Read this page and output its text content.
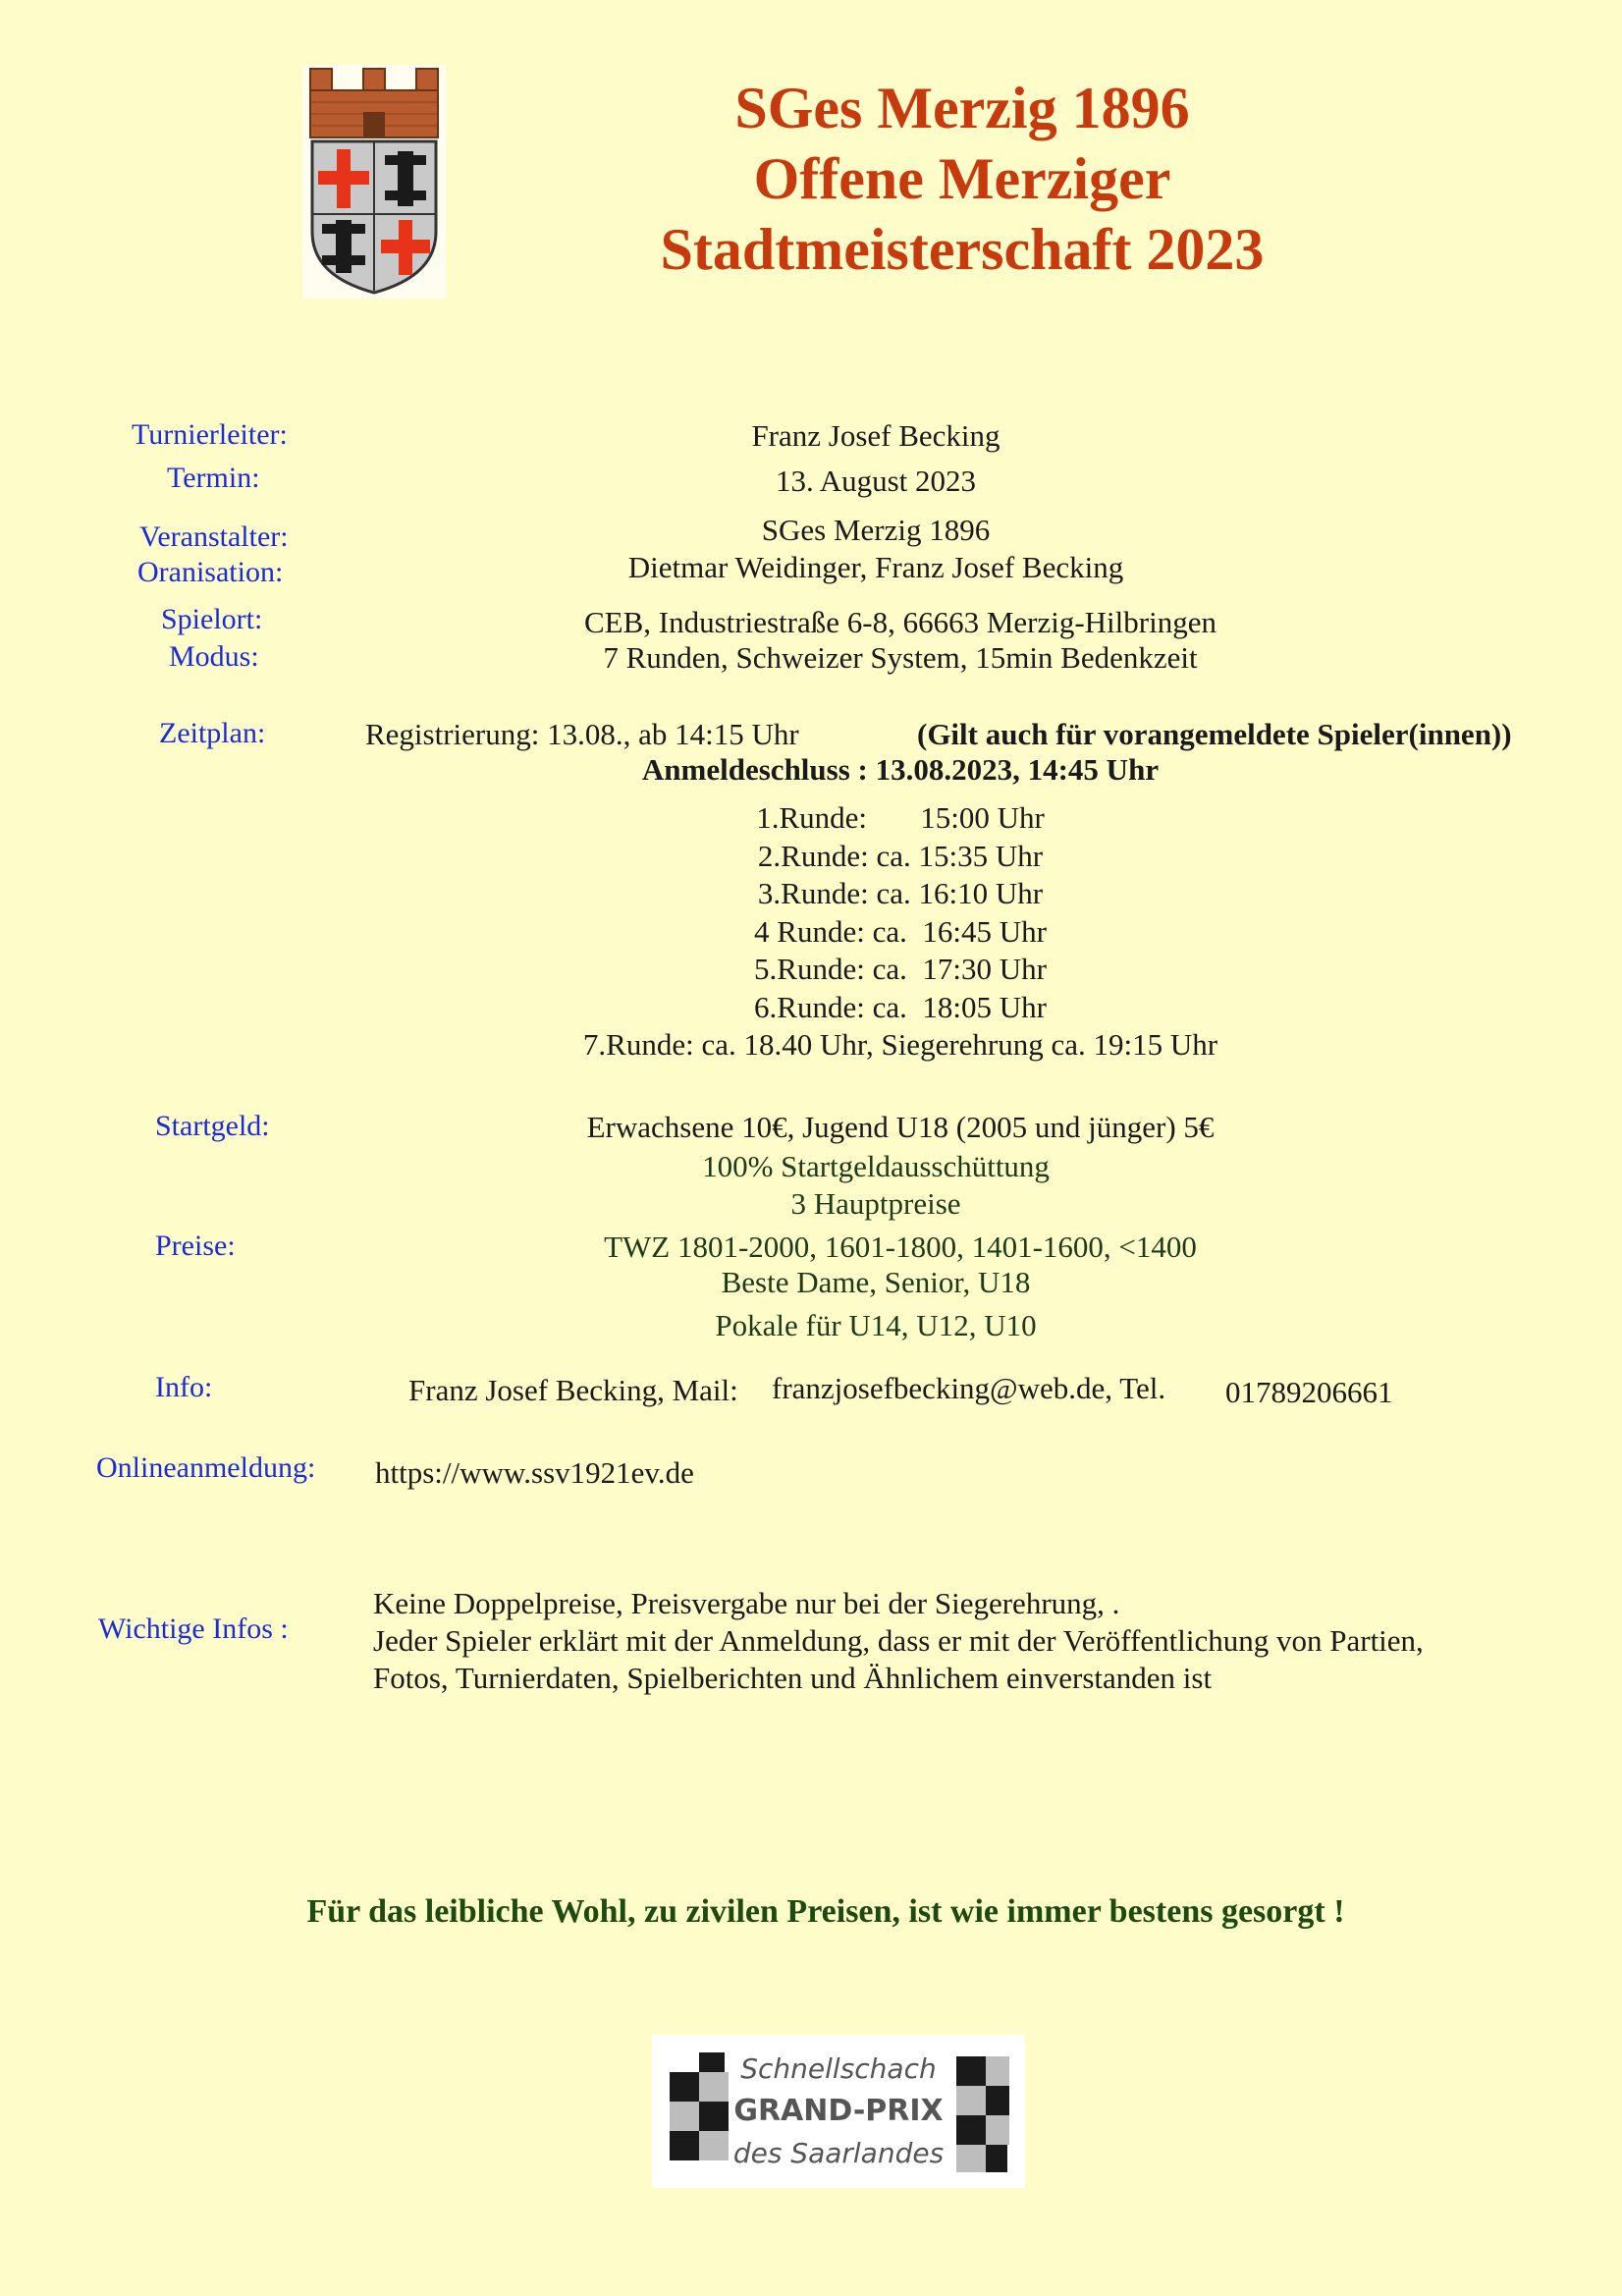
SGes Merzig 1896
Offene Merziger
Stadtmeisterschaft 2023
Turnierleiter:	Franz Josef Becking
Termin:	13. August 2023
Veranstalter:	SGes Merzig 1896
Oranisation:	Dietmar Weidinger, Franz Josef Becking
Spielort:	CEB, Industriestraße 6-8, 66663 Merzig-Hilbringen
Modus:	7 Runden, Schweizer System, 15min Bedenkzeit
Zeitplan:	Registrierung: 13.08., ab 14:15 Uhr	(Gilt auch für vorangemeldete Spieler(innen))
Anmeldeschluss : 13.08.2023, 14:45 Uhr
1.Runde:       15:00 Uhr
2.Runde: ca. 15:35 Uhr
3.Runde: ca. 16:10 Uhr
4 Runde: ca.  16:45 Uhr
5.Runde: ca.  17:30 Uhr
6.Runde: ca.  18:05 Uhr
7.Runde: ca. 18.40 Uhr, Siegerehrung ca. 19:15 Uhr
Startgeld:	Erwachsene 10€, Jugend U18 (2005 und jünger) 5€
100% Startgeldausschüttung
3 Hauptpreise
Preise:	TWZ 1801-2000, 1601-1800, 1401-1600, <1400
Beste Dame, Senior, U18
Pokale für U14, U12, U10
Info:	Franz Josef Becking, Mail: franzjosefbecking@web.de, Tel. 01789206661
Onlineanmeldung: https://www.ssv1921ev.de
Wichtige Infos :
Keine Doppelpreise, Preisvergabe nur bei der Siegerehrung, .
Jeder Spieler erklärt mit der Anmeldung, dass er mit der Veröffentlichung von Partien,
Fotos, Turnierdaten, Spielberichten und Ähnlichem einverstanden ist
Für das leibliche Wohl, zu zivilen Preisen, ist wie immer bestens gesorgt !
Schnellschach
GRAND-PRIX
des Saarlandes
